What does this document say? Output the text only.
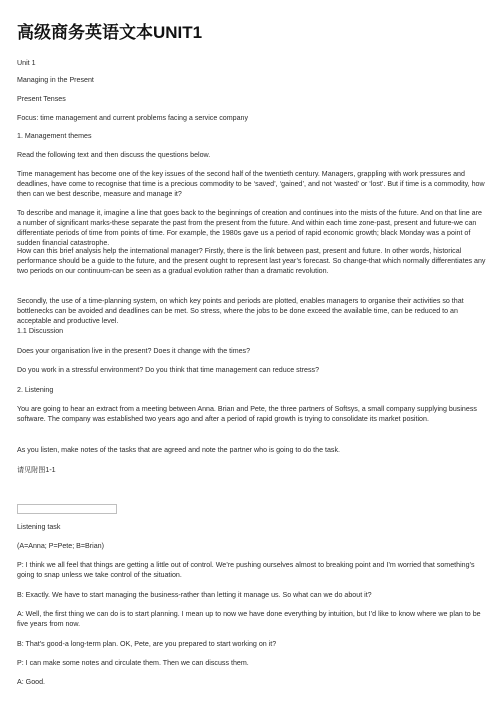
高级商务英语文本UNIT1
Unit 1
Managing in the Present
Present Tenses
Focus: time management and current problems facing a service company
1. Management themes
Read the following text and then discuss the questions below.
Time management has become one of the key issues of the second half of the twentieth century. Managers, grappling with work pressures and deadlines, have come to recognise that time is a precious commodity to be ‘saved’, ‘gained’, and not ‘wasted’ or ‘lost’. But if time is a commodity, how then can we best describe, measure and manage it?
To describe and manage it, imagine a line that goes back to the beginnings of creation and continues into the mists of the future. And on that line are a number of significant marks-these separate the past from the present from the future. And within each time zone-past, present and future-we can differentiate periods of time from points of time. For example, the 1980s gave us a period of rapid economic growth; black Monday was a point of sudden financial catastrophe.
How can this brief analysis help the international manager? Firstly, there is the link between past, present and future. In other words, historical performance should be a guide to the future, and the present ought to represent last year’s forecast. So change-that which normally differentiates any two periods on our continuum-can be seen as a gradual evolution rather than a dramatic revolution.
Secondly, the use of a time-planning system, on which key points and periods are plotted, enables managers to organise their activities so that bottlenecks can be avoided and deadlines can be met. So stress, where the jobs to be done exceed the available time, can be reduced to an acceptable and productive level.
1.1 Discussion
Does your organisation live in the present? Does it change with the times?
Do you work in a stressful environment? Do you think that time management can reduce stress?
2. Listening
You are going to hear an extract from a meeting between Anna. Brian and Pete, the three partners of Softsys, a small company supplying business software. The company was established two years ago and after a period of rapid growth is trying to consolidate its market position.
As you listen, make notes of the tasks that are agreed and note the partner who is going to do the task.
请见附图1-1
Listening task
(A=Anna; P=Pete; B=Brian)
P: I think we all feel that things are getting a little out of control. We’re pushing ourselves almost to breaking point and I’m worried that something’s going to snap unless we take control of the situation.
B: Exactly. We have to start managing the business-rather than letting it manage us. So what can we do about it?
A: Well, the first thing we can do is to start planning. I mean up to now we have done everything by intuition, but I’d like to know where we plan to be five years from now.
B: That’s good-a long-term plan. OK, Pete, are you prepared to start working on it?
P: I can make some notes and circulate them. Then we can discuss them.
A: Good.
